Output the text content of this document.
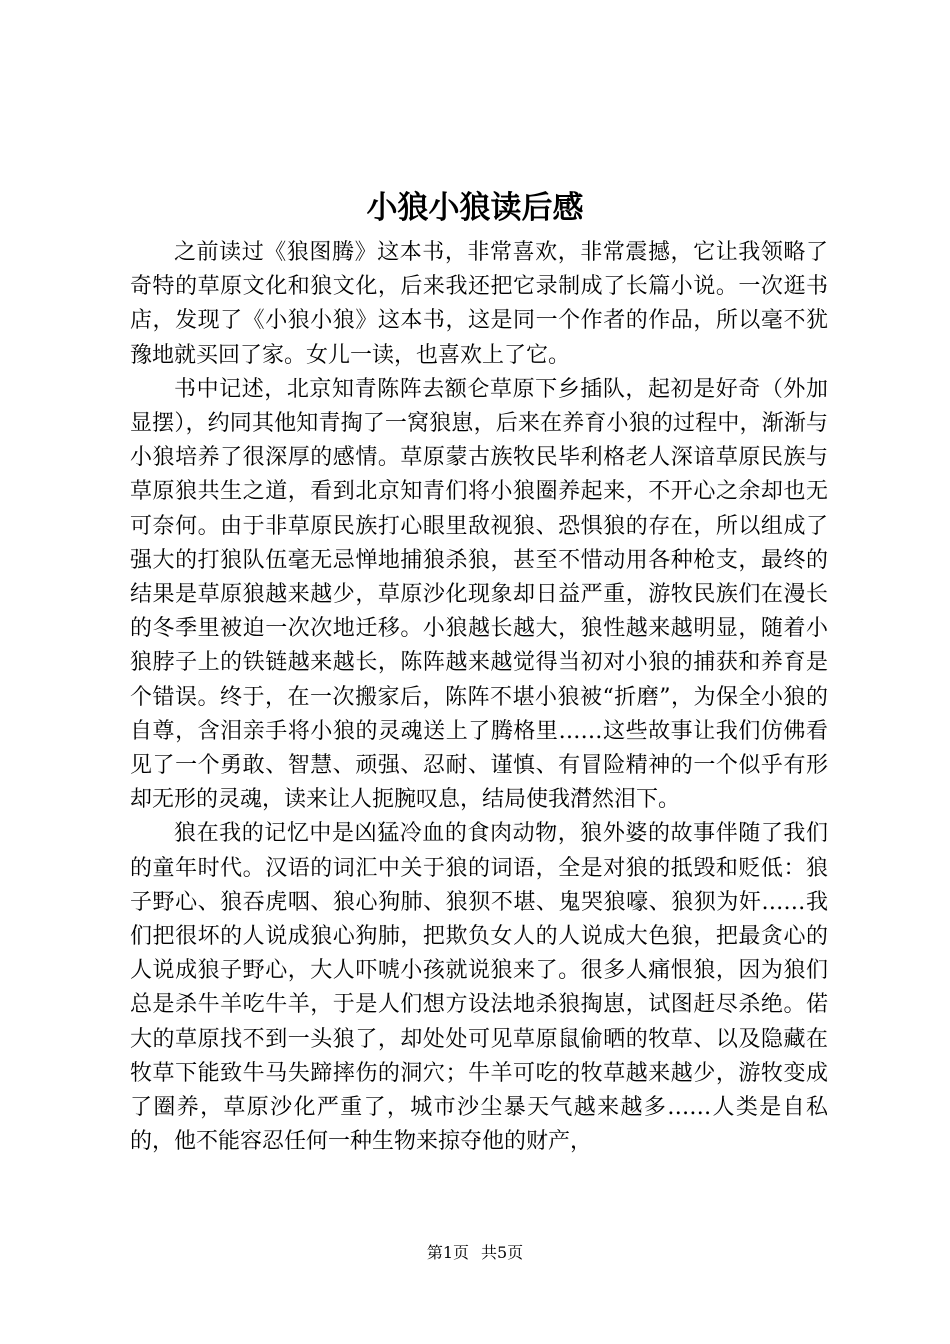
小狼小狼读后感

之前读过《狼图腾》这本书，非常喜欢，非常震撼，它让我领略了奇特的草原文化和狼文化，后来我还把它录制成了长篇小说。一次逛书店，发现了《小狼小狼》这本书，这是同一个作者的作品，所以毫不犹豫地就买回了家。女儿一读，也喜欢上了它。

书中记述，北京知青陈阵去额仑草原下乡插队，起初是好奇（外加显摆），约同其他知青掏了一窝狼崽，后来在养育小狼的过程中，渐渐与小狼培养了很深厚的感情。草原蒙古族牧民毕利格老人深谙草原民族与草原狼共生之道，看到北京知青们将小狼圈养起来，不开心之余却也无可奈何。由于非草原民族打心眼里敌视狼、恐惧狼的存在，所以组成了强大的打狼队伍毫无忌惮地捕狼杀狼，甚至不惜动用各种枪支，最终的结果是草原狼越来越少，草原沙化现象却日益严重，游牧民族们在漫长的冬季里被迫一次次地迁移。小狼越长越大，狼性越来越明显，随着小狼脖子上的铁链越来越长，陈阵越来越觉得当初对小狼的捕获和养育是个错误。终于，在一次搬家后，陈阵不堪小狼被“折磨”，为保全小狼的自尊，含泪亲手将小狼的灵魂送上了腾格里……这些故事让我们仿佛看见了一个勇敢、智慧、顽强、忍耐、谨慎、有冒险精神的一个似乎有形却无形的灵魂，读来让人扼腕叹息，结局使我潸然泪下。

狼在我的记忆中是凶猛冷血的食肉动物，狼外婆的故事伴随了我们的童年时代。汉语的词汇中关于狼的词语，全是对狼的抵毁和贬低：狼子野心、狼吞虎咽、狼心狗肺、狼狈不堪、鬼哭狼嚎、狼狈为奸……我们把很坏的人说成狼心狗肺，把欺负女人的人说成大色狼，把最贪心的人说成狼子野心，大人吓唬小孩就说狼来了。很多人痛恨狼，因为狼们总是杀牛羊吃牛羊，于是人们想方设法地杀狼掏崽，试图赶尽杀绝。偌大的草原找不到一头狼了，却处处可见草原鼠偷晒的牧草、以及隐藏在牧草下能致牛马失蹄摔伤的洞穴；牛羊可吃的牧草越来越少，游牧变成了圈养，草原沙化严重了，城市沙尘暴天气越来越多……人类是自私的，他不能容忍任何一种生物来掠夺他的财产，

第1页 共5页
